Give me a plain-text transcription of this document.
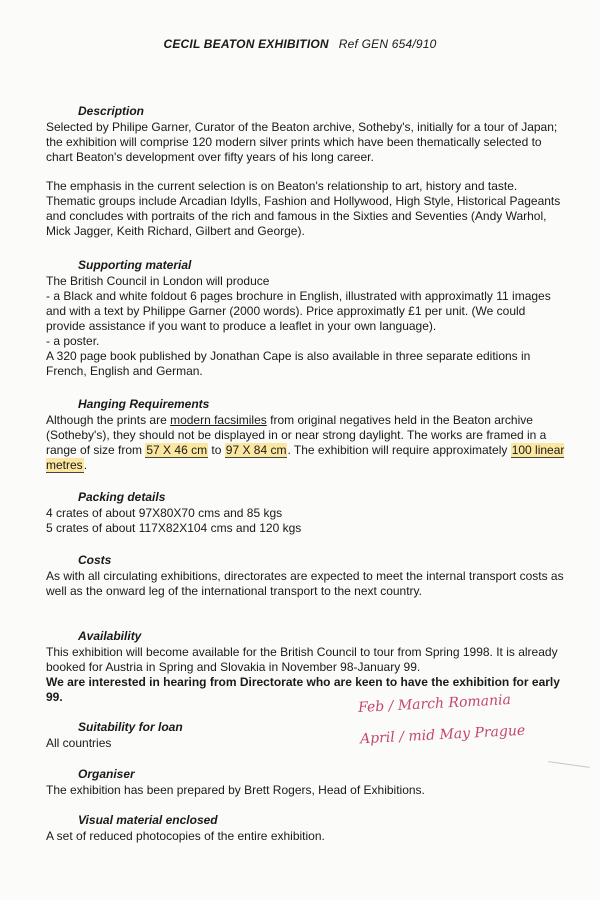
CECIL BEATON EXHIBITION Ref GEN 654/910
Description

Selected by Philipe Garner, Curator of the Beaton archive, Sotheby's, initially for a tour of Japan; the exhibition will comprise 120 modern silver prints which have been thematically selected to chart Beaton's development over fifty years of his long career.

The emphasis in the current selection is on Beaton's relationship to art, history and taste. Thematic groups include Arcadian Idylls, Fashion and Hollywood, High Style, Historical Pageants and concludes with portraits of the rich and famous in the Sixties and Seventies (Andy Warhol, Mick Jagger, Keith Richard, Gilbert and George).

Supporting material

The British Council in London will produce

- a Black and white foldout 6 pages brochure in English, illustrated with approximatly 11 images and with a text by Philippe Garner (2000 words). Price approximatly £1 per unit. (We could provide assistance if you want to produce a leaflet in your own language).

- a poster.

A 320 page book published by Jonathan Cape is also available in three separate editions in French, English and German.

Hanging Requirements

Although the prints are modern facsimiles from original negatives held in the Beaton archive (Sotheby's), they should not be displayed in or near strong daylight. The works are framed in a range of size from 57 X 46 cm to 97 X 84 cm. The exhibition will require approximately 100 linear metres.

Packing details
4 crates of about 97X80X70 cms and 85 kgs
5 crates of about 117X82X104 cms and 120 kgs
Costs

As with all circulating exhibitions, directorates are expected to meet the internal transport costs as well as the onward leg of the international transport to the next country.

Availability

This exhibition will become available for the British Council to tour from Spring 1998. It is already booked for Austria in Spring and Slovakia in November 98-January 99.

We are interested in hearing from Directorate who are keen to have the exhibition for early 99.

Suitability for loan
All countries
Organiser
The exhibition has been prepared by Brett Rogers, Head of Exhibitions.
Visual material enclosed
A set of reduced photocopies of the entire exhibition.
Feb / March Romania
April / mid May Prague
